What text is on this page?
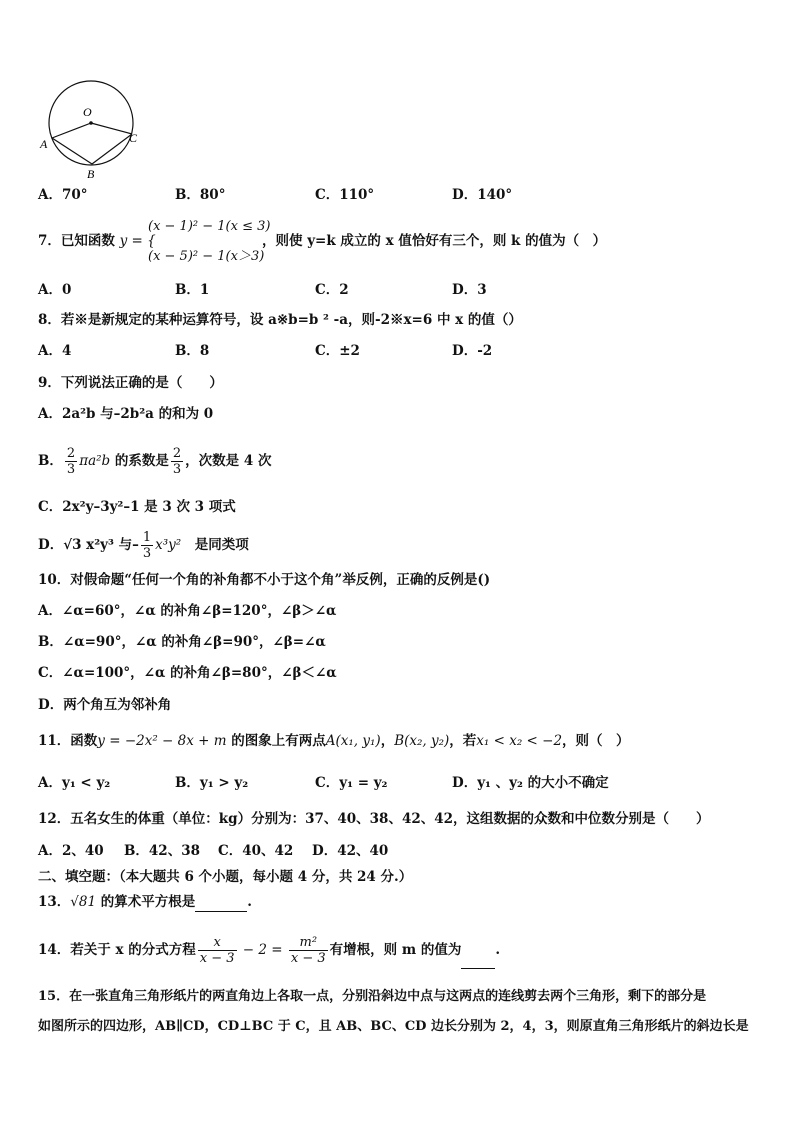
O
A
B
C
A．70°	B．80°	C．110°	D．140°
7．已知函数 y = {
(x − 1)² − 1(x ≤ 3)
(x − 5)² − 1(x＞3)
，则使 y=k 成立的 x 值恰好有三个，则 k 的值为（　）
A．0	B．1	C．2	D．3
8．若※是新规定的某种运算符号，设 a※b=b ² -a，则-2※x=6 中 x 的值（）
A．4	B．8	C．±2	D．-2
9．下列说法正确的是（　　）
A．2a²b 与–2b²a 的和为 0
B． $\frac{2}{3} \pi a^2b$ 的系数是 $\frac{2}{3}$ ，次数是 4 次
C．2x²y–3y²–1 是 3 次 3 项式
D．√3 x²y³ 与– $\frac{1}{3} x^3y^2$　是同类项
10．对假命题“任何一个角的补角都不小于这个角”举反例，正确的反例是()
A．∠α=60°，∠α 的补角∠β=120°，∠β＞∠α
B．∠α=90°，∠α 的补角∠β=90°，∠β=∠α
C．∠α=100°，∠α 的补角∠β=80°，∠β＜∠α
D．两个角互为邻补角
11．函数y = −2x² − 8x + m 的图象上有两点A(x₁, y₁)，B(x₂, y₂)，若x₁ < x₂ < −2，则（　）
A．y₁ < y₂	B．y₁ > y₂	C．y₁ = y₂	D．y₁ 、y₂ 的大小不确定
12．五名女生的体重（单位：kg）分别为：37、40、38、42、42，这组数据的众数和中位数分别是（　　）
A．2、40 B．42、38 C．40、42 D．42、40
二、填空题：（本大题共 6 个小题，每小题 4 分，共 24 分.）
13．√81 的算术平方根是	.
14．若关于 x 的分式方程 $\frac{x}{x - 3} - 2 = \frac{\text{m²}}{x - 3}$ 有增根，则 m 的值为	.
15．在一张直角三角形纸片的两直角边上各取一点，分别沿斜边中点与这两点的连线剪去两个三角形，剩下的部分是
如图所示的四边形，AB∥CD，CD⊥BC 于 C，且 AB、BC、CD 边长分别为 2，4，3，则原直角三角形纸片的斜边长是
